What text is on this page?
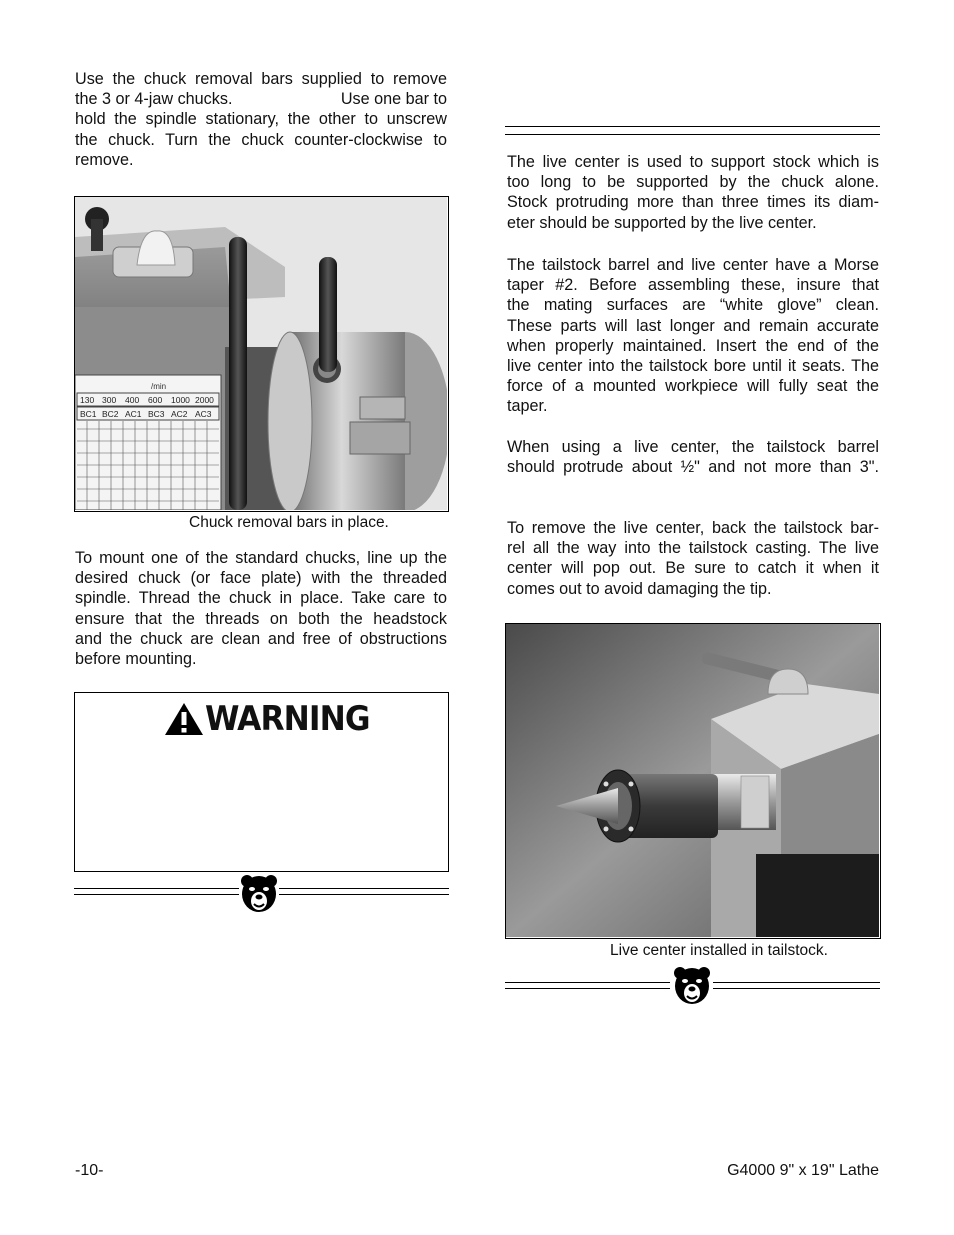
Use the chuck removal bars supplied to remove
the 3 or 4-jaw chucks.	Use one bar to
hold the spindle stationary, the other to unscrew
the chuck. Turn the chuck counter-clockwise to
remove.
/min
130 300 400 600 1000 2000
BC1 BC2 AC1 BC3 AC2 AC3
Chuck removal bars in place.
To mount one of the standard chucks, line up the
desired chuck (or face plate) with the threaded
spindle. Thread the chuck in place. Take care to
ensure that the threads on both the headstock
and the chuck are clean and free of obstructions
before mounting.
WARNING
The live center is used to support stock which is
too long to be supported by the chuck alone.
Stock protruding more than three times its diam-
eter should be supported by the live center.
The tailstock barrel and live center have a Morse
taper #2. Before assembling these, insure that
the mating surfaces are “white glove” clean.
These parts will last longer and remain accurate
when properly maintained. Insert the end of the
live center into the tailstock bore until it seats. The
force of a mounted workpiece will fully seat the
taper.
When using a live center, the tailstock barrel
should protrude about ½" and not more than 3".
To remove the live center, back the tailstock bar-
rel all the way into the tailstock casting. The live
center will pop out. Be sure to catch it when it
comes out to avoid damaging the tip.
Live center installed in tailstock.
-10-	G4000 9" x 19" Lathe
